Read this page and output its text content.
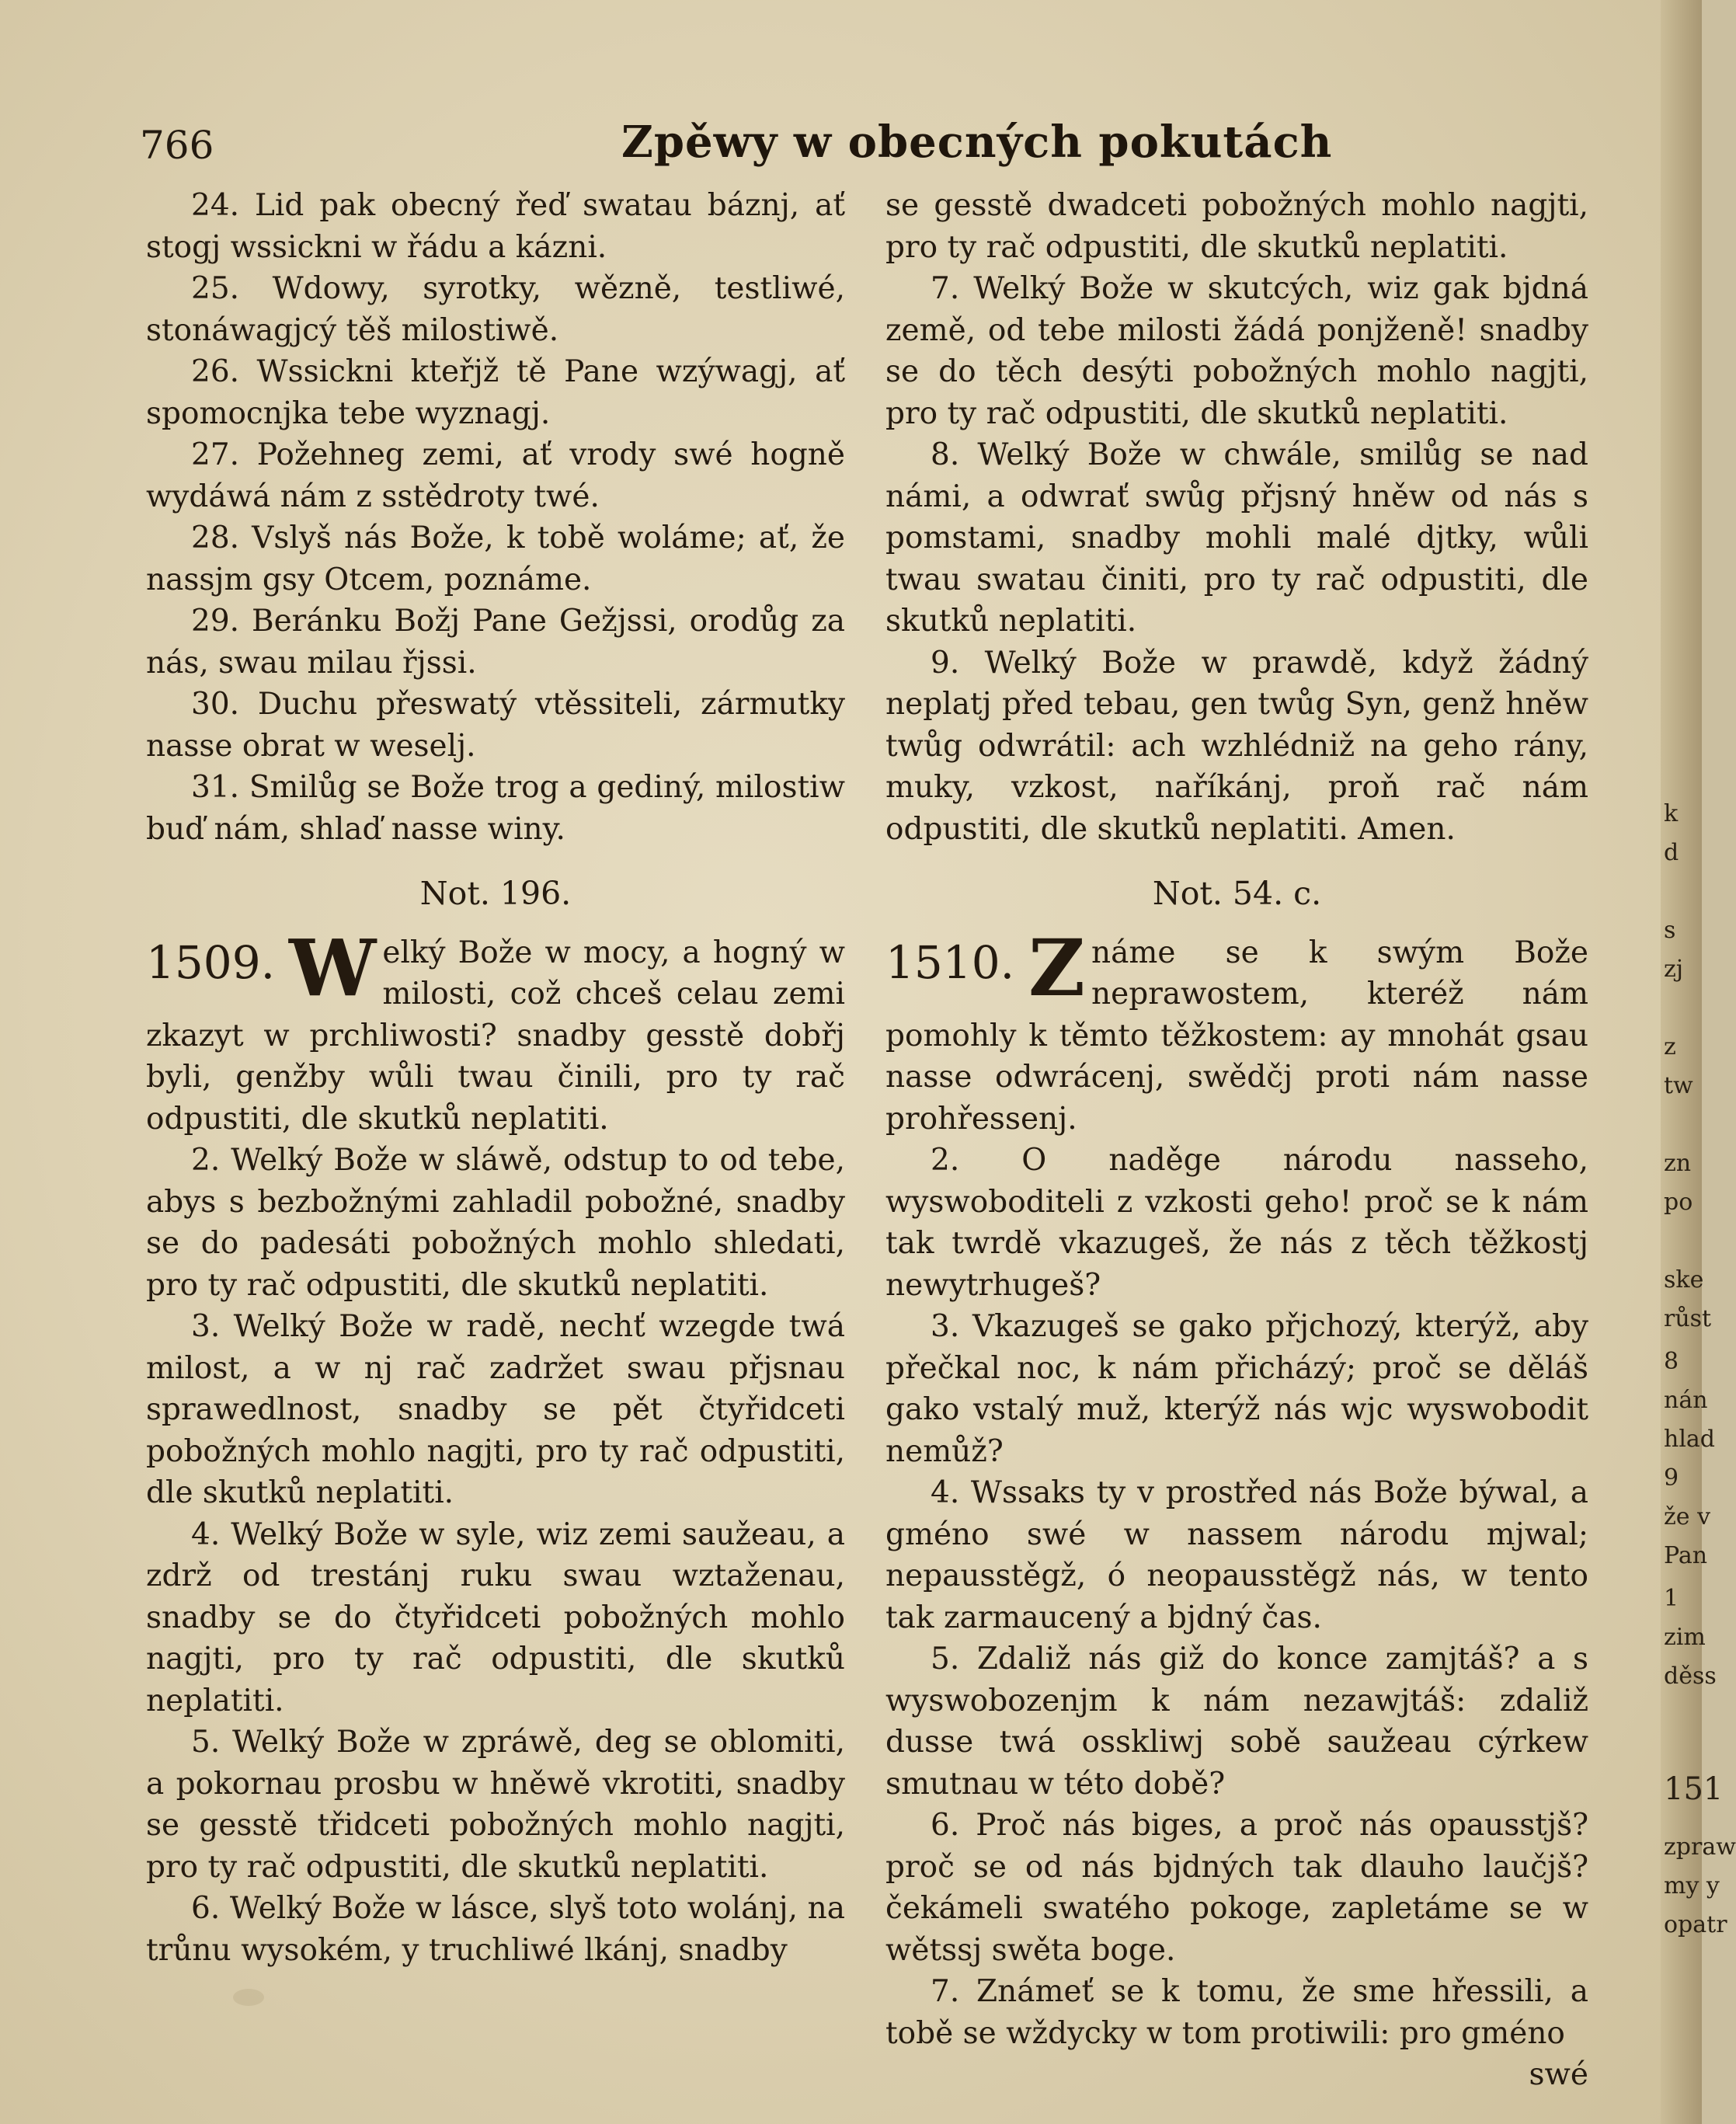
766	Zpěwy w obecných pokutách

24. Lid pak obecný řeď swatau báznj, ať stogj wssickni w řádu a kázni.

25. Wdowy, syrotky, wězně, testliwé, stonáwagjcý těš milostiwě.

26. Wssickni kteřjž tě Pane wzýwagj, ať spomocnjka tebe wyznagj.

27. Požehneg zemi, ať vrody swé hogně wydáwá nám z sstědroty twé.

28. Vslyš nás Bože, k tobě woláme; ať, že nassjm gsy Otcem, poznáme.

29. Beránku Božj Pane Gežjssi, orodůg za nás, swau milau řjssi.

30. Duchu přeswatý vtěssiteli, zármutky nasse obrat w weselj.

31. Smilůg se Bože trog a gediný, milostiw buď nám, shlaď nasse winy.

Not. 196.

1509. W elký Bože w mocy, a hogný w milosti, což chceš celau zemi zkazyt w prchliwosti? snadby gesstě dobřj byli, genžby wůli twau činili, pro ty rač odpustiti, dle skutků neplatiti.

2. Welký Bože w sláwě, odstup to od tebe, abys s bezbožnými zahladil pobožné, snadby se do padesáti pobožných mohlo shledati, pro ty rač odpustiti, dle skutků neplatiti.

3. Welký Bože w radě, nechť wzegde twá milost, a w nj rač zadržet swau přjsnau sprawedlnost, snadby se pět čtyřidceti pobožných mohlo nagjti, pro ty rač odpustiti, dle skutků neplatiti.

4. Welký Bože w syle, wiz zemi saužeau, a zdrž od trestánj ruku swau wztaženau, snadby se do čtyřidceti pobožných mohlo nagjti, pro ty rač odpustiti, dle skutků neplatiti.

5. Welký Bože w zpráwě, deg se oblomiti, a pokornau prosbu w hněwě vkrotiti, snadby se gesstě třidceti pobožných mohlo nagjti, pro ty rač odpustiti, dle skutků neplatiti.

6. Welký Bože w lásce, slyš toto wolánj, na trůnu wysokém, y truchliwé lkánj, snadby

se gesstě dwadceti pobožných mohlo nagjti, pro ty rač odpustiti, dle skutků neplatiti.

7. Welký Bože w skutcých, wiz gak bjdná země, od tebe milosti žádá ponjženě! snadby se do těch desýti pobožných mohlo nagjti, pro ty rač odpustiti, dle skutků neplatiti.

8. Welký Bože w chwále, smilůg se nad námi, a odwrať swůg přjsný hněw od nás s pomstami, snadby mohli malé djtky, wůli twau swatau činiti, pro ty rač odpustiti, dle skutků neplatiti.

9. Welký Bože w prawdě, když žádný neplatj před tebau, gen twůg Syn, genž hněw twůg odwrátil: ach wzhlédniž na geho rány, muky, vzkost, naříkánj, proň rač nám odpustiti, dle skutků neplatiti. Amen.

Not. 54. c.

1510. Z náme se k swým Bože neprawostem, kteréž nám pomohly k těmto těžkostem: ay mnohát gsau nasse odwrácenj, swědčj proti nám nasse prohřessenj.

2. O naděge národu nasseho, wyswoboditeli z vzkosti geho! proč se k nám tak twrdě vkazugeš, že nás z těch těžkostj newytrhugeš?

3. Vkazugeš se gako přjchozý, kterýž, aby přečkal noc, k nám přicházý; proč se děláš gako vstalý muž, kterýž nás wjc wyswobodit nemůž?

4. Wssaks ty v prostřed nás Bože býwal, a gméno swé w nassem národu mjwal; nepausstěgž, ó neopausstěgž nás, w tento tak zarmaucený a bjdný čas.

5. Zdaliž nás giž do konce zamjtáš? a s wyswobozenjm k nám nezawjtáš: zdaliž dusse twá osskliwj sobě saužeau cýrkew smutnau w této době?

6. Proč nás biges, a proč nás opausstjš? proč se od nás bjdných tak dlauho laučjš? čekámeli swatého pokoge, zapletáme se w wětssj swěta boge.

7. Známeť se k tomu, že sme hřessili, a tobě se wždycky w tom protiwili: pro gméno

swé

k
d
s
zj
z
tw
zn
po
ske
růst
8
nán
hlad
9
že v
Pan
1
zim
děss
151
zpraw
my y
opatr
